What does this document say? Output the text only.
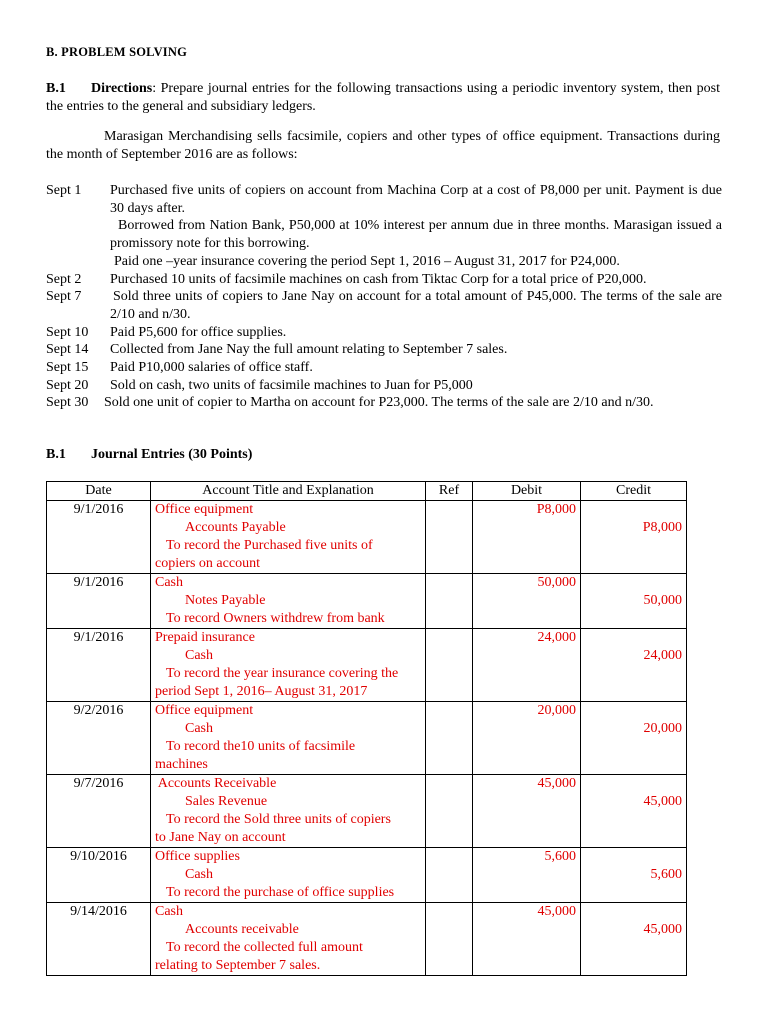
B. PROBLEM SOLVING
B.1 Directions: Prepare journal entries for the following transactions using a periodic inventory system, then post the entries to the general and subsidiary ledgers.
Marasigan Merchandising sells facsimile, copiers and other types of office equipment. Transactions during the month of September 2016 are as follows:
Sept 1	Purchased five units of copiers on account from Machina Corp at a cost of P8,000 per unit. Payment is due 30 days after.
Borrowed from Nation Bank, P50,000 at 10% interest per annum due in three months. Marasigan issued a promissory note for this borrowing.
Paid one –year insurance covering the period Sept 1, 2016 – August 31, 2017 for P24,000.
Sept 2	Purchased 10 units of facsimile machines on cash from Tiktac Corp for a total price of P20,000.
Sept 7	Sold three units of copiers to Jane Nay on account for a total amount of P45,000. The terms of the sale are 2/10 and n/30.
Sept 10	Paid P5,600 for office supplies.
Sept 14	Collected from Jane Nay the full amount relating to September 7 sales.
Sept 15	Paid P10,000 salaries of office staff.
Sept 20	Sold on cash, two units of facsimile machines to Juan for P5,000
Sept 30	Sold one unit of copier to Martha on account for P23,000. The terms of the sale are 2/10 and n/30.
B.1 Journal Entries (30 Points)
Date	Account Title and Explanation	Ref	Debit	Credit
9/1/2016	Office equipment
Accounts Payable
To record the Purchased five units of
copiers on account		P8,000	P8,000

9/1/2016	Cash
Notes Payable
To record Owners withdrew from bank		50,000	50,000

9/1/2016	Prepaid insurance
Cash
To record the year insurance covering the
period Sept 1, 2016– August 31, 2017		24,000	24,000

9/2/2016	Office equipment
Cash
To record the10 units of facsimile
machines		20,000	20,000

9/7/2016	Accounts Receivable
Sales Revenue
To record the Sold three units of copiers
to Jane Nay on account		45,000	45,000

9/10/2016	Office supplies
Cash
To record the purchase of office supplies		5,600	5,600

9/14/2016	Cash
Accounts receivable
To record the collected full amount
relating to September 7 sales.		45,000	45,000
